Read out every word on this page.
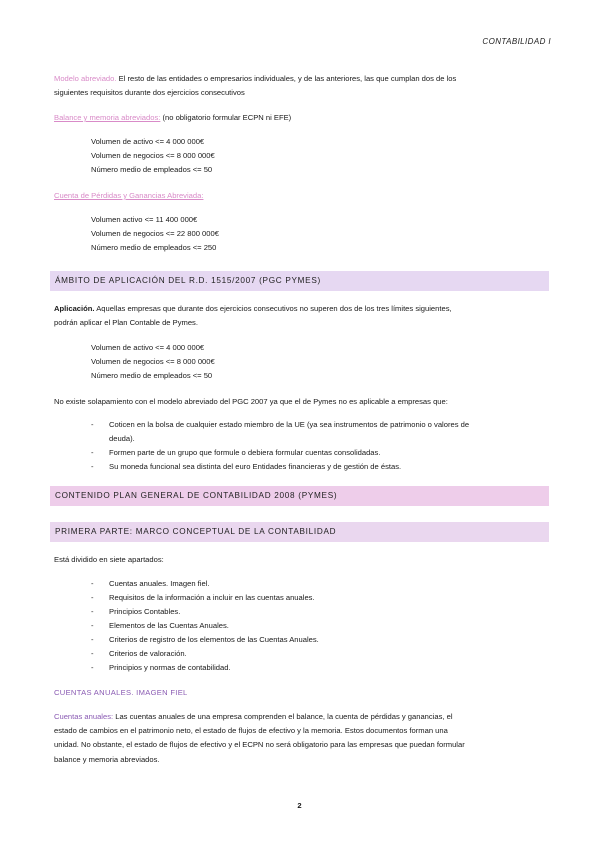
CONTABILIDAD I
Modelo abreviado. El resto de las entidades o empresarios individuales, y de las anteriores, las que cumplan dos de los
siguientes requisitos durante dos ejercicios consecutivos
Balance y memoria abreviados: (no obligatorio formular ECPN ni EFE)
Volumen de activo <= 4 000 000€
Volumen de negocios <= 8 000 000€
Número medio de empleados <= 50
Cuenta de Pérdidas y Ganancias Abreviada:
Volumen activo <= 11 400 000€
Volumen de negocios <= 22 800 000€
Número medio de empleados <= 250
ÁMBITO DE APLICACIÓN DEL R.D. 1515/2007 (PGC PYMES)
Aplicación. Aquellas empresas que durante dos ejercicios consecutivos no superen dos de los tres límites siguientes,
podrán aplicar el Plan Contable de Pymes.
Volumen de activo <= 4 000 000€
Volumen de negocios <= 8 000 000€
Número medio de empleados <= 50
No existe solapamiento con el modelo abreviado del PGC 2007 ya que el de Pymes no es aplicable a empresas que:
- Coticen en la bolsa de cualquier estado miembro de la UE (ya sea instrumentos de patrimonio o valores de
deuda).
- Formen parte de un grupo que formule o debiera formular cuentas consolidadas.
- Su moneda funcional sea distinta del euro Entidades financieras y de gestión de éstas.
CONTENIDO PLAN GENERAL DE CONTABILIDAD 2008 (PYMES)
PRIMERA PARTE: MARCO CONCEPTUAL DE LA CONTABILIDAD
Está dividido en siete apartados:
- Cuentas anuales. Imagen fiel.
- Requisitos de la información a incluir en las cuentas anuales.
- Principios Contables.
- Elementos de las Cuentas Anuales.
- Criterios de registro de los elementos de las Cuentas Anuales.
- Criterios de valoración.
- Principios y normas de contabilidad.
CUENTAS ANUALES. IMAGEN FIEL
Cuentas anuales: Las cuentas anuales de una empresa comprenden el balance, la cuenta de pérdidas y ganancias, el
estado de cambios en el patrimonio neto, el estado de flujos de efectivo y la memoria. Estos documentos forman una
unidad. No obstante, el estado de flujos de efectivo y el ECPN no será obligatorio para las empresas que puedan formular
balance y memoria abreviados.
2
